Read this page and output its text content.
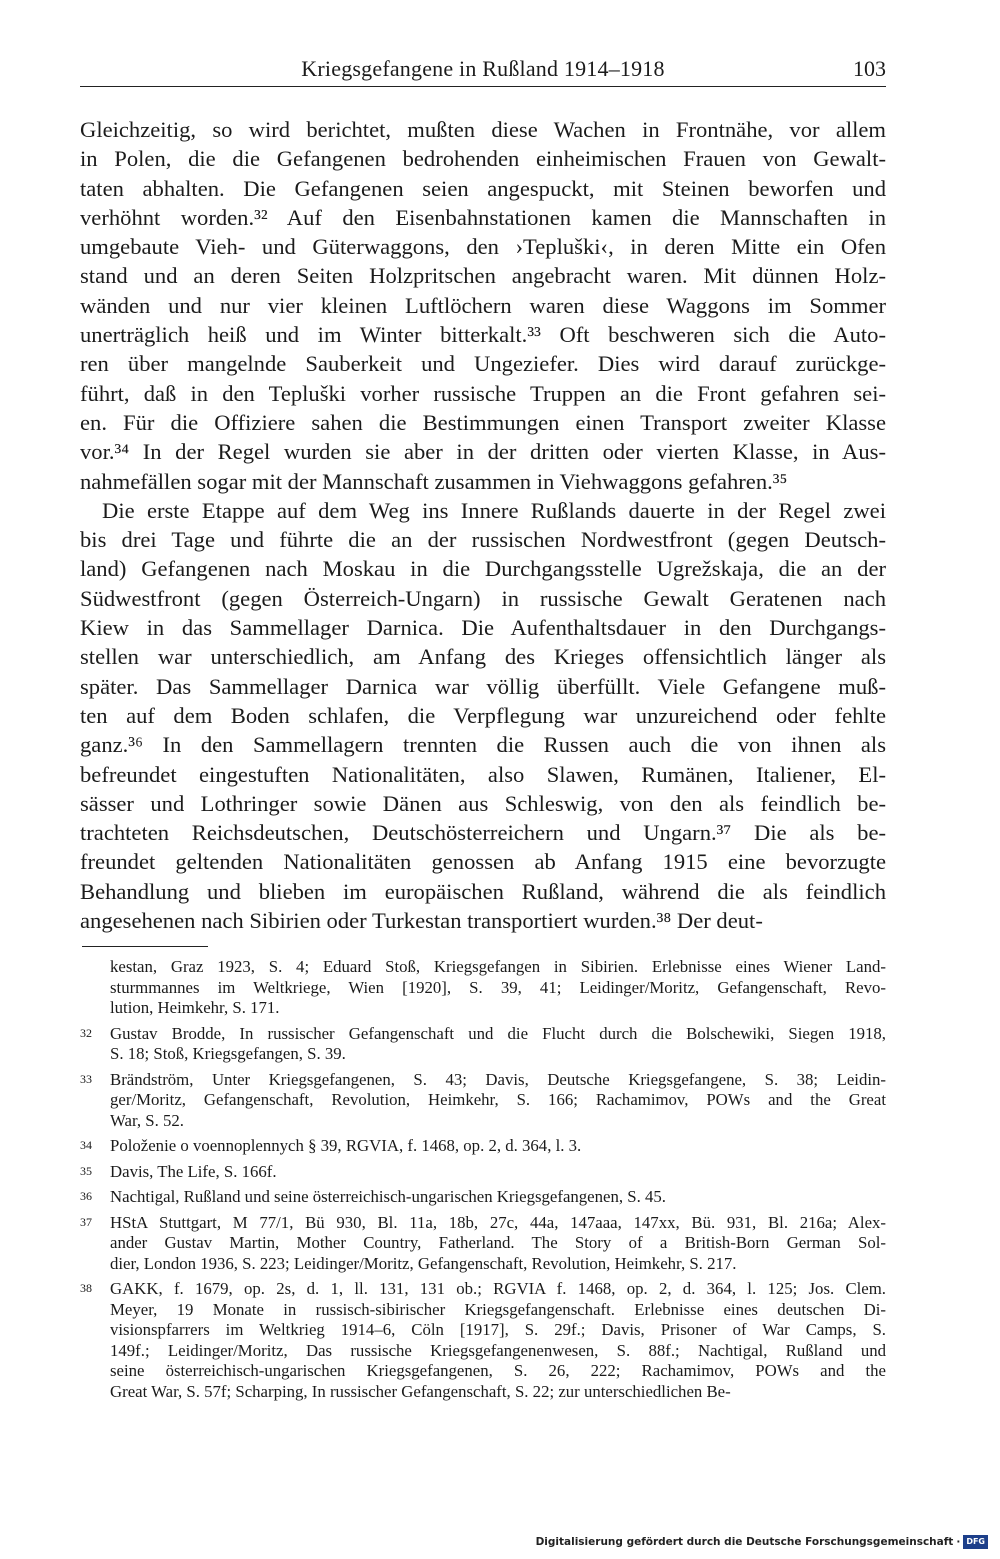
Kriegsgefangene in Rußland 1914–1918	103
Gleichzeitig, so wird berichtet, mußten diese Wachen in Frontnähe, vor allem
in Polen, die die Gefangenen bedrohenden einheimischen Frauen von Gewalt-
taten abhalten. Die Gefangenen seien angespuckt, mit Steinen beworfen und
verhöhnt worden.³² Auf den Eisenbahnstationen kamen die Mannschaften in
umgebaute Vieh- und Güterwaggons, den ›Tepluški‹, in deren Mitte ein Ofen
stand und an deren Seiten Holzpritschen angebracht waren. Mit dünnen Holz-
wänden und nur vier kleinen Luftlöchern waren diese Waggons im Sommer
unerträglich heiß und im Winter bitterkalt.³³ Oft beschweren sich die Auto-
ren über mangelnde Sauberkeit und Ungeziefer. Dies wird darauf zurückge-
führt, daß in den Tepluški vorher russische Truppen an die Front gefahren sei-
en. Für die Offiziere sahen die Bestimmungen einen Transport zweiter Klasse
vor.³⁴ In der Regel wurden sie aber in der dritten oder vierten Klasse, in Aus-
nahmefällen sogar mit der Mannschaft zusammen in Viehwaggons gefahren.³⁵
Die erste Etappe auf dem Weg ins Innere Rußlands dauerte in der Regel zwei
bis drei Tage und führte die an der russischen Nordwestfront (gegen Deutsch-
land) Gefangenen nach Moskau in die Durchgangsstelle Ugrežskaja, die an der
Südwestfront (gegen Österreich-Ungarn) in russische Gewalt Geratenen nach
Kiew in das Sammellager Darnica. Die Aufenthaltsdauer in den Durchgangs-
stellen war unterschiedlich, am Anfang des Krieges offensichtlich länger als
später. Das Sammellager Darnica war völlig überfüllt. Viele Gefangene muß-
ten auf dem Boden schlafen, die Verpflegung war unzureichend oder fehlte
ganz.³⁶ In den Sammellagern trennten die Russen auch die von ihnen als
befreundet eingestuften Nationalitäten, also Slawen, Rumänen, Italiener, El-
sässer und Lothringer sowie Dänen aus Schleswig, von den als feindlich be-
trachteten Reichsdeutschen, Deutschösterreichern und Ungarn.³⁷ Die als be-
freundet geltenden Nationalitäten genossen ab Anfang 1915 eine bevorzugte
Behandlung und blieben im europäischen Rußland, während die als feindlich
angesehenen nach Sibirien oder Turkestan transportiert wurden.³⁸ Der deut-
kestan, Graz 1923, S. 4; Eduard Stoß, Kriegsgefangen in Sibirien. Erlebnisse eines Wiener Land-
sturmmannes im Weltkriege, Wien [1920], S. 39, 41; Leidinger/Moritz, Gefangenschaft, Revo-
lution, Heimkehr, S. 171.
32 Gustav Brodde, In russischer Gefangenschaft und die Flucht durch die Bolschewiki, Siegen 1918,
S. 18; Stoß, Kriegsgefangen, S. 39.
33 Brändström, Unter Kriegsgefangenen, S. 43; Davis, Deutsche Kriegsgefangene, S. 38; Leidin-
ger/Moritz, Gefangenschaft, Revolution, Heimkehr, S. 166; Rachamimov, POWs and the Great
War, S. 52.
34 Položenie o voennoplennych § 39, RGVIA, f. 1468, op. 2, d. 364, l. 3.
35 Davis, The Life, S. 166f.
36 Nachtigal, Rußland und seine österreichisch-ungarischen Kriegsgefangenen, S. 45.
37 HStA Stuttgart, M 77/1, Bü 930, Bl. 11a, 18b, 27c, 44a, 147aaa, 147xx, Bü. 931, Bl. 216a; Alex-
ander Gustav Martin, Mother Country, Fatherland. The Story of a British-Born German Sol-
dier, London 1936, S. 223; Leidinger/Moritz, Gefangenschaft, Revolution, Heimkehr, S. 217.
38 GAKK, f. 1679, op. 2s, d. 1, ll. 131, 131 ob.; RGVIA f. 1468, op. 2, d. 364, l. 125; Jos. Clem.
Meyer, 19 Monate in russisch-sibirischer Kriegsgefangenschaft. Erlebnisse eines deutschen Di-
visionspfarrers im Weltkrieg 1914–6, Cöln [1917], S. 29f.; Davis, Prisoner of War Camps, S.
149f.; Leidinger/Moritz, Das russische Kriegsgefangenenwesen, S. 88f.; Nachtigal, Rußland und
seine österreichisch-ungarischen Kriegsgefangenen, S. 26, 222; Rachamimov, POWs and the
Great War, S. 57f; Scharping, In russischer Gefangenschaft, S. 22; zur unterschiedlichen Be-
Digitalisierung gefördert durch die Deutsche Forschungsgemeinschaft · DFG
